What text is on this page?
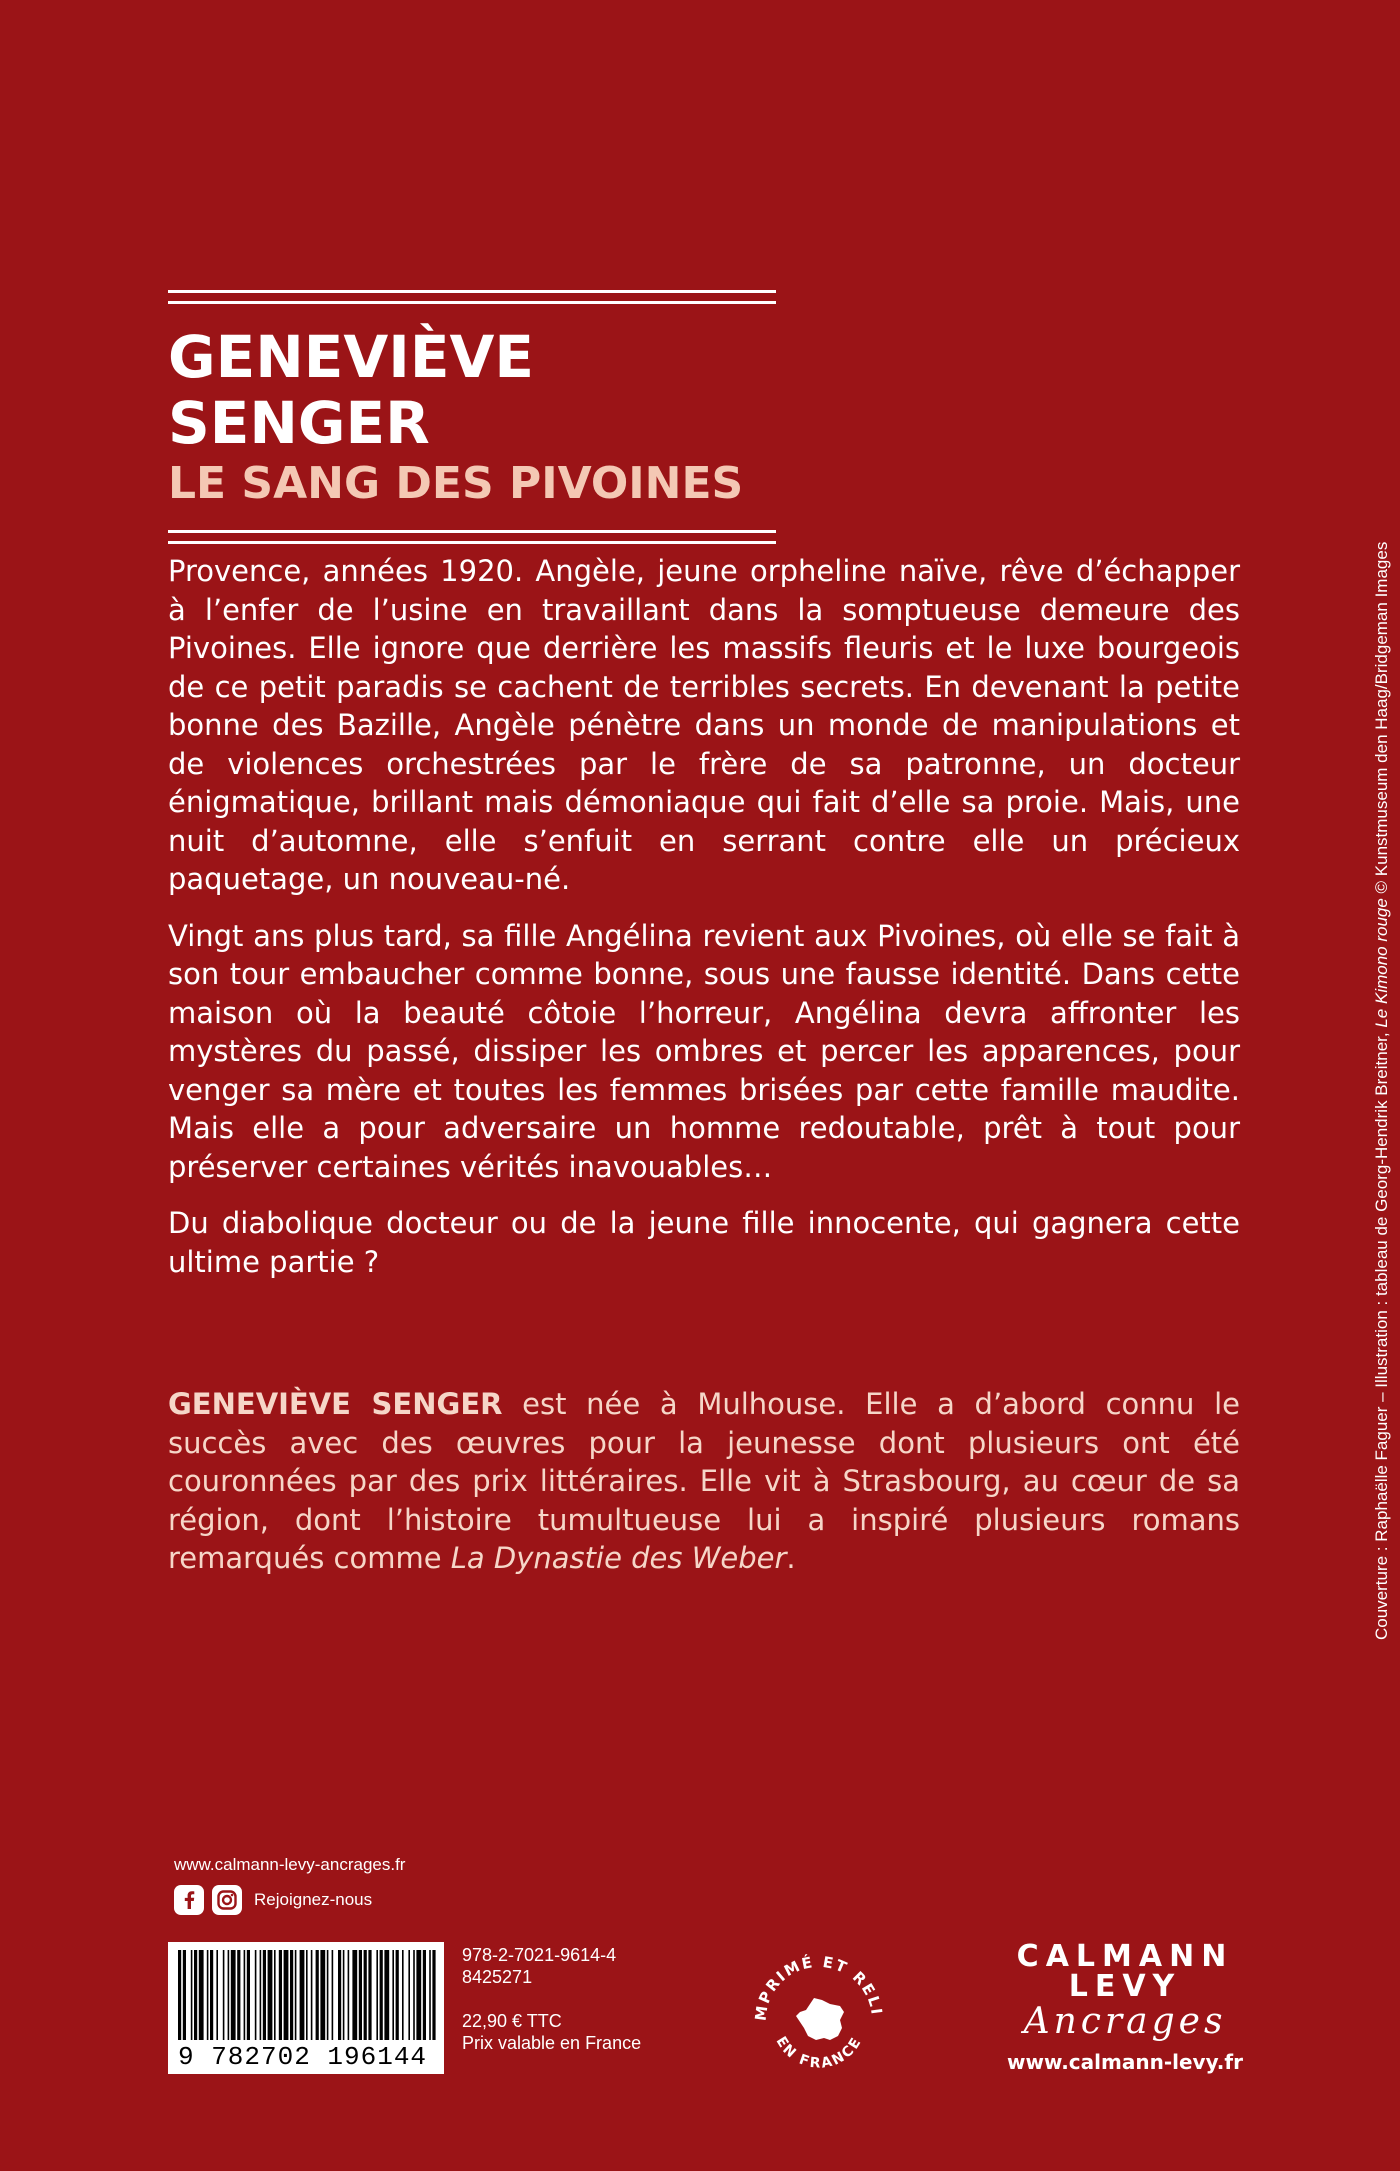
GENEVIÈVE SENGER
LE SANG DES PIVOINES

Provence, années 1920. Angèle, jeune orpheline naïve, rêve d’échapper à l’enfer de l’usine en travaillant dans la somptueuse demeure des Pivoines. Elle ignore que derrière les massifs fleuris et le luxe bourgeois de ce petit paradis se cachent de terribles secrets. En devenant la petite bonne des Bazille, Angèle pénètre dans un monde de manipulations et de violences orchestrées par le frère de sa patronne, un docteur énigmatique, brillant mais démoniaque qui fait d’elle sa proie. Mais, une nuit d’automne, elle s’enfuit en serrant contre elle un précieux paquetage, un nouveau-né.

Vingt ans plus tard, sa fille Angélina revient aux Pivoines, où elle se fait à son tour embaucher comme bonne, sous une fausse identité. Dans cette maison où la beauté côtoie l’horreur, Angélina devra affronter les mystères du passé, dissiper les ombres et percer les apparences, pour venger sa mère et toutes les femmes brisées par cette famille maudite. Mais elle a pour adversaire un homme redoutable, prêt à tout pour préserver certaines vérités inavouables…

Du diabolique docteur ou de la jeune fille innocente, qui gagnera cette ultime partie ?

GENEVIÈVE SENGER est née à Mulhouse. Elle a d’abord connu le succès avec des œuvres pour la jeunesse dont plusieurs ont été couronnées par des prix littéraires. Elle vit à Strasbourg, au cœur de sa région, dont l’histoire tumultueuse lui a inspiré plusieurs romans remarqués comme La Dynastie des Weber.	Couverture : Raphaëlle Faguer – Illustration : tableau de Georg-Hendrik Breitner, Le Kimono rouge © Kunstmuseum den Haag/Bridgeman Images
www.calmann-levy-ancrages.fr
Rejoignez-nous
9 782702 196144
978-2-7021-9614-4
8425271
22,90 € TTC
Prix valable en France
MPRIMÉ ET RELI
EN FRANCE
CALMANN
LEVY
Ancrages
www.calmann-levy.fr
